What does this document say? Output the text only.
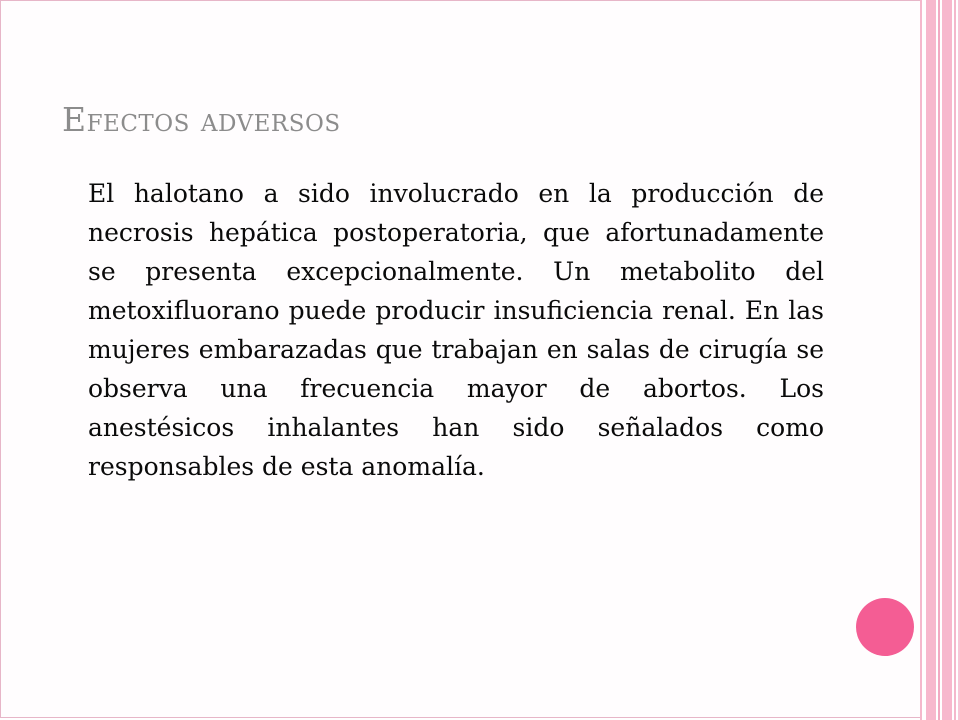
Efectos adversos

El halotano a sido involucrado en la producción de necrosis hepática postoperatoria, que afortunadamente se presenta excepcionalmente. Un metabolito del metoxifluorano puede producir insuficiencia renal. En las mujeres embarazadas que trabajan en salas de cirugía se observa una frecuencia mayor de abortos. Los anestésicos inhalantes han sido señalados como responsables de esta anomalía.
